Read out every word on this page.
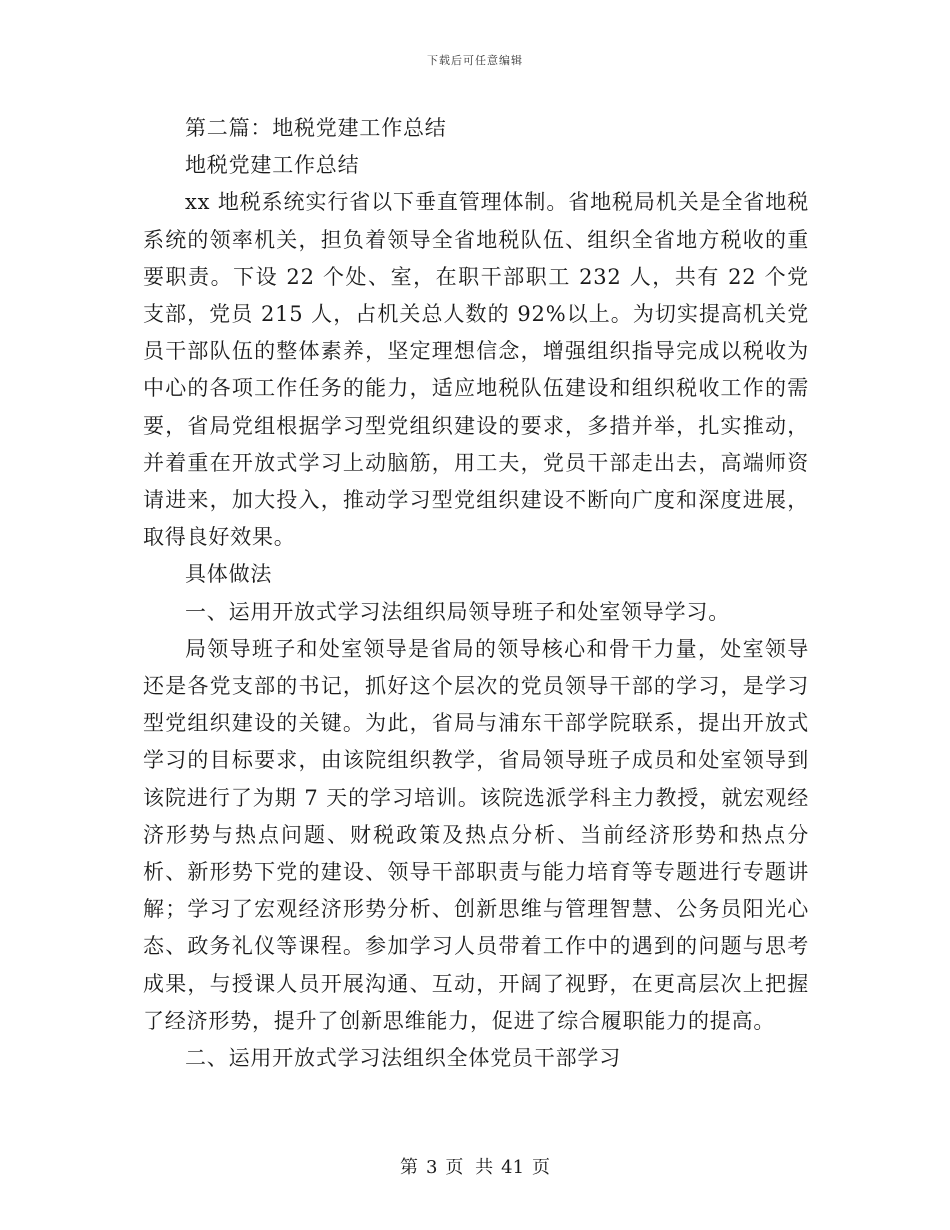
下载后可任意编辑

第二篇：地税党建工作总结

地税党建工作总结

xx 地税系统实行省以下垂直管理体制。省地税局机关是全省地税系统的领率机关，担负着领导全省地税队伍、组织全省地方税收的重要职责。下设 22 个处、室，在职干部职工 232 人，共有 22 个党支部，党员 215 人，占机关总人数的 92%以上。为切实提高机关党员干部队伍的整体素养，坚定理想信念，增强组织指导完成以税收为中心的各项工作任务的能力，适应地税队伍建设和组织税收工作的需要，省局党组根据学习型党组织建设的要求，多措并举，扎实推动，并着重在开放式学习上动脑筋，用工夫，党员干部走出去，高端师资请进来，加大投入，推动学习型党组织建设不断向广度和深度进展，取得良好效果。

具体做法

一、运用开放式学习法组织局领导班子和处室领导学习。

局领导班子和处室领导是省局的领导核心和骨干力量，处室领导还是各党支部的书记，抓好这个层次的党员领导干部的学习，是学习型党组织建设的关键。为此，省局与浦东干部学院联系，提出开放式学习的目标要求，由该院组织教学，省局领导班子成员和处室领导到该院进行了为期 7 天的学习培训。该院选派学科主力教授，就宏观经济形势与热点问题、财税政策及热点分析、当前经济形势和热点分析、新形势下党的建设、领导干部职责与能力培育等专题进行专题讲解；学习了宏观经济形势分析、创新思维与管理智慧、公务员阳光心态、政务礼仪等课程。参加学习人员带着工作中的遇到的问题与思考成果，与授课人员开展沟通、互动，开阔了视野，在更高层次上把握了经济形势，提升了创新思维能力，促进了综合履职能力的提高。

二、运用开放式学习法组织全体党员干部学习

第 3 页 共 41 页
